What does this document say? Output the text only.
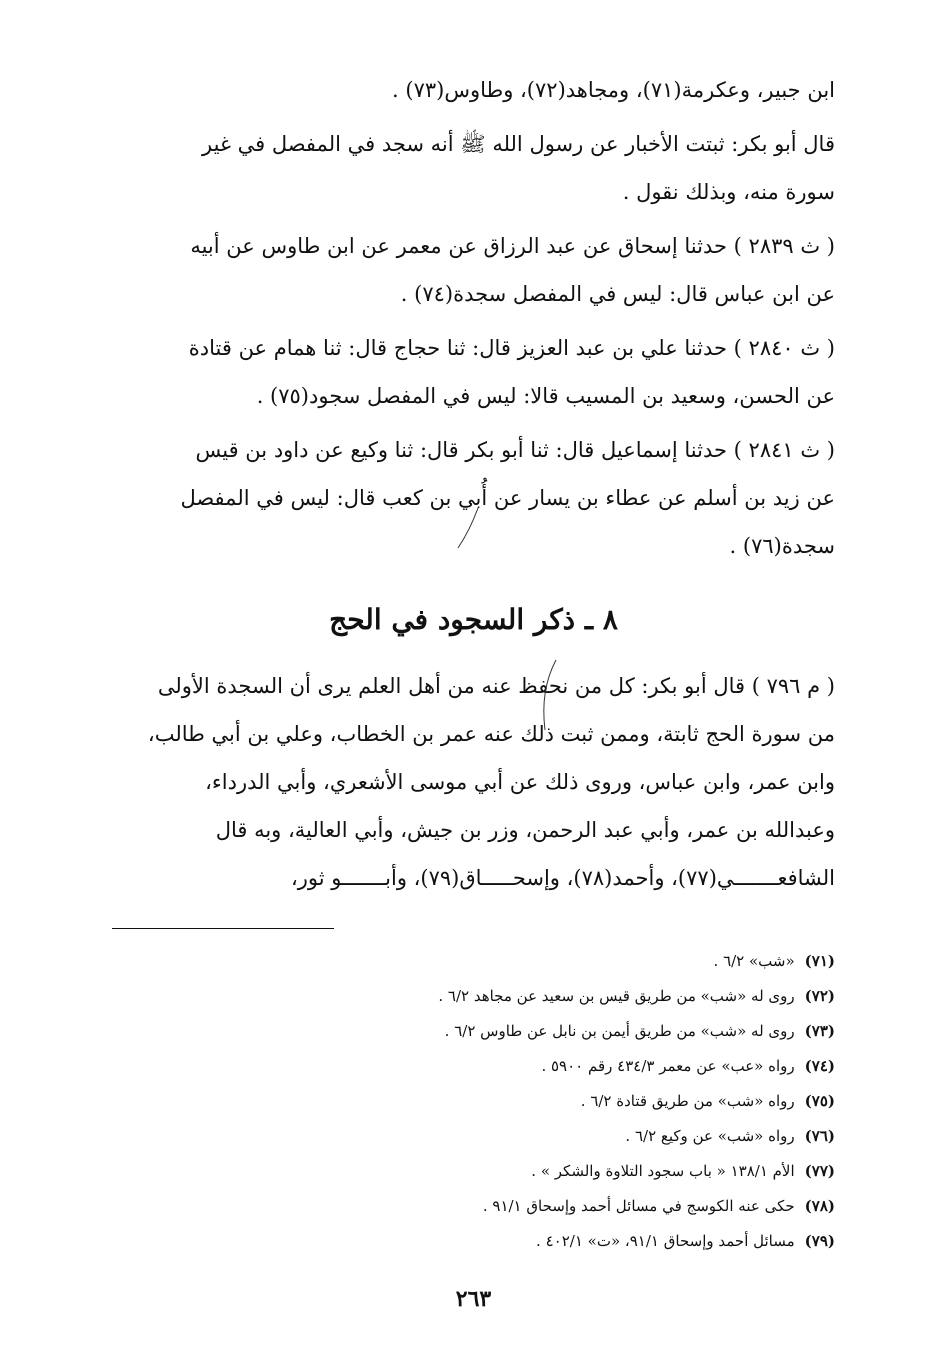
ابن جبير، وعكرمة(٧١)، ومجاهد(٧٢)، وطاوس(٧٣) .

قال أبو بكر: ثبتت الأخبار عن رسول الله ﷺ أنه سجد في المفصل في غير
سورة منه، وبذلك نقول .

( ث ٢٨٣٩ ) حدثنا إسحاق عن عبد الرزاق عن معمر عن ابن طاوس عن أبيه
عن ابن عباس قال: ليس في المفصل سجدة(٧٤) .

( ث ٢٨٤٠ ) حدثنا علي بن عبد العزيز قال: ثنا حجاج قال: ثنا همام عن قتادة
عن الحسن، وسعيد بن المسيب قالا: ليس في المفصل سجود(٧٥) .

( ث ٢٨٤١ ) حدثنا إسماعيل قال: ثنا أبو بكر قال: ثنا وكيع عن داود بن قيس
عن زيد بن أسلم عن عطاء بن يسار عن أُبي بن كعب قال: ليس في المفصل
سجدة(٧٦) .

٨ ـ ذكر السجود في الحج

( م ٧٩٦ ) قال أبو بكر: كل من نحفظ عنه من أهل العلم يرى أن السجدة الأولى
من سورة الحج ثابتة، وممن ثبت ذلك عنه عمر بن الخطاب، وعلي بن أبي طالب،
وابن عمر، وابن عباس، وروى ذلك عن أبي موسى الأشعري، وأبي الدرداء،
وعبدالله بن عمر، وأبي عبد الرحمن، وزر بن جيش، وأبي العالية، وبه قال
الشافعـــــــي(٧٧)، وأحمد(٧٨)، وإسحـــــاق(٧٩)، وأبـــــــو ثور،

(٧١)
«شب» ٦/٢ .
(٧٢)
روى له «شب» من طريق قيس بن سعيد عن مجاهد ٦/٢ .
(٧٣)
روى له «شب» من طريق أيمن بن نابل عن طاوس ٦/٢ .
(٧٤)
رواه «عب» عن معمر ٤٣٤/٣ رقم ٥٩٠٠ .
(٧٥)
رواه «شب» من طريق قتادة ٦/٢ .
(٧٦)
رواه «شب» عن وكيع ٦/٢ .
(٧٧)
الأم ١٣٨/١ « باب سجود التلاوة والشكر » .
(٧٨)
حكى عنه الكوسج في مسائل أحمد وإسحاق ٩١/١ .
(٧٩)
مسائل أحمد وإسحاق ٩١/١، «ت» ٤٠٢/١ .
٢٦٣
